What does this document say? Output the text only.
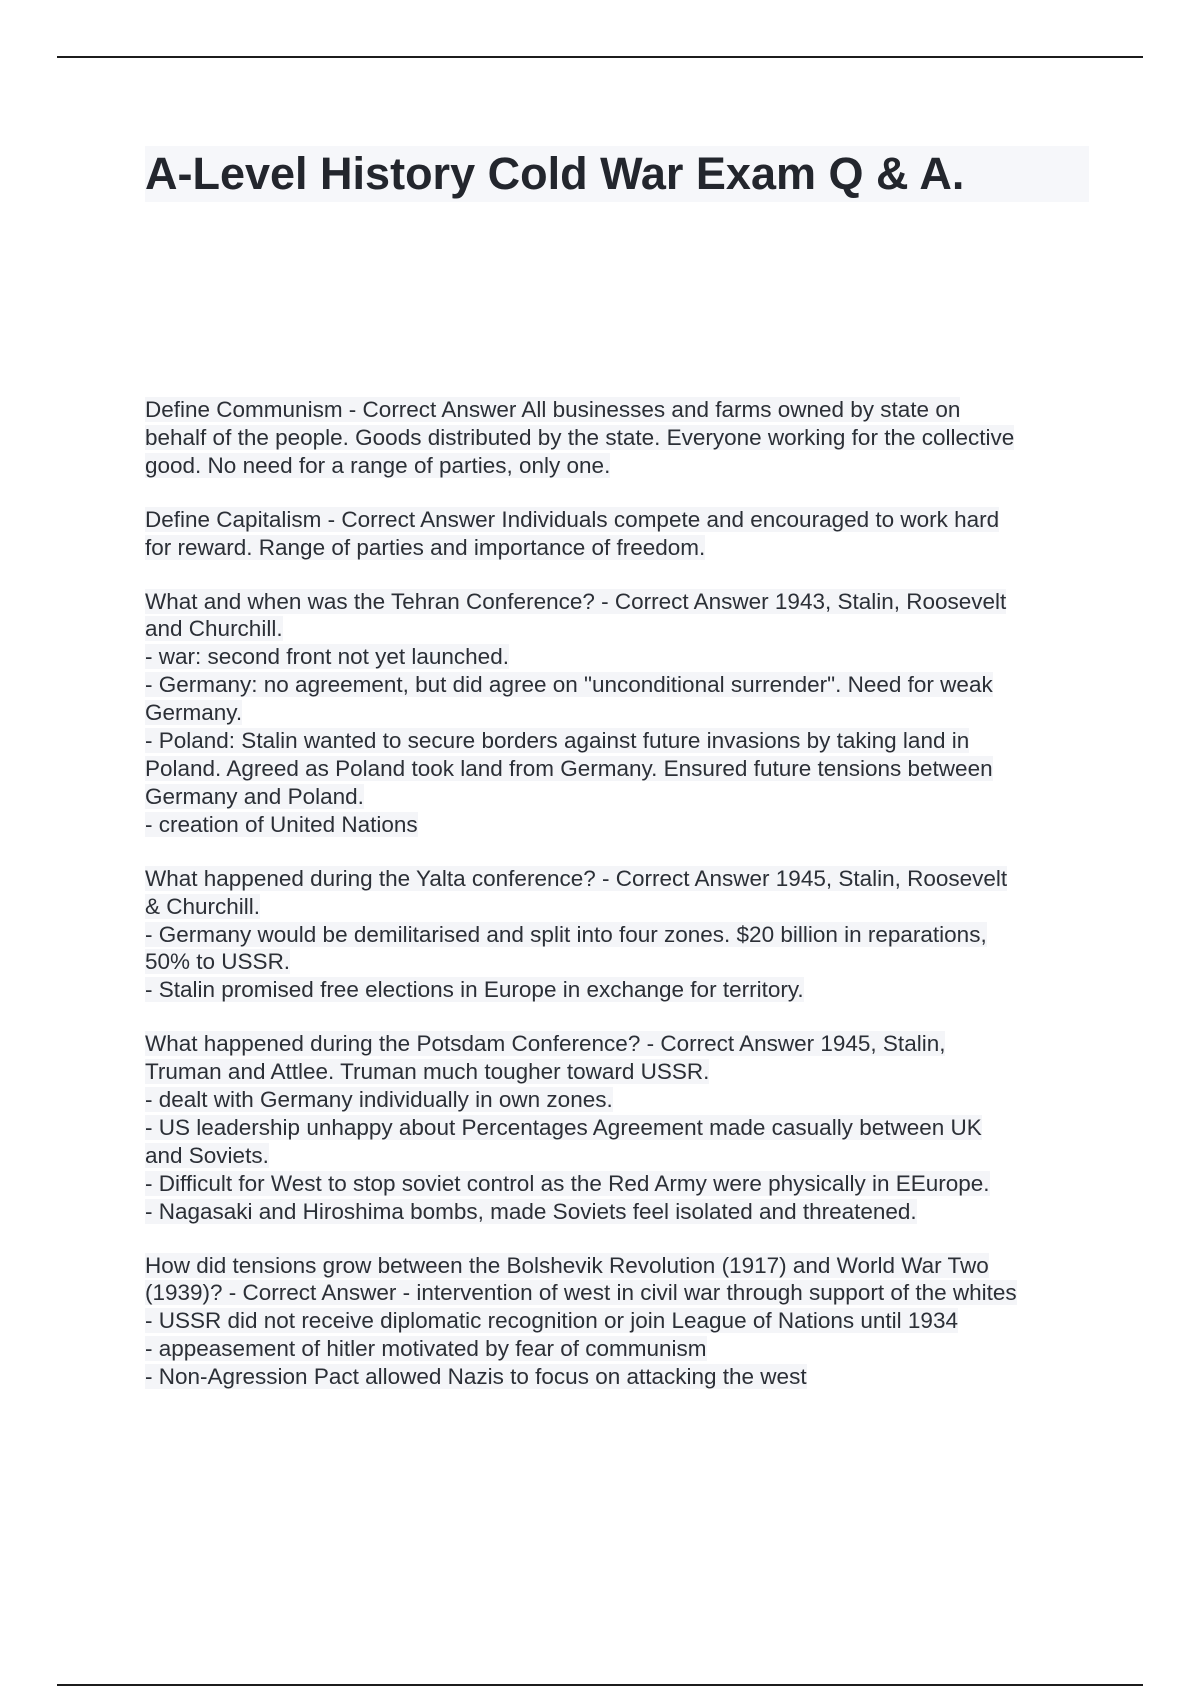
A-Level History Cold War Exam Q & A.
Define Communism - Correct Answer All businesses and farms owned by state on
behalf of the people. Goods distributed by the state. Everyone working for the collective
good. No need for a range of parties, only one.
Define Capitalism - Correct Answer Individuals compete and encouraged to work hard
for reward. Range of parties and importance of freedom.
What and when was the Tehran Conference? - Correct Answer 1943, Stalin, Roosevelt
and Churchill.
- war: second front not yet launched.
- Germany: no agreement, but did agree on "unconditional surrender". Need for weak
Germany.
- Poland: Stalin wanted to secure borders against future invasions by taking land in
Poland. Agreed as Poland took land from Germany. Ensured future tensions between
Germany and Poland.
- creation of United Nations
What happened during the Yalta conference? - Correct Answer 1945, Stalin, Roosevelt
& Churchill.
- Germany would be demilitarised and split into four zones. $20 billion in reparations,
50% to USSR.
- Stalin promised free elections in Europe in exchange for territory.
What happened during the Potsdam Conference? - Correct Answer 1945, Stalin,
Truman and Attlee. Truman much tougher toward USSR.
- dealt with Germany individually in own zones.
- US leadership unhappy about Percentages Agreement made casually between UK
and Soviets.
- Difficult for West to stop soviet control as the Red Army were physically in EEurope.
- Nagasaki and Hiroshima bombs, made Soviets feel isolated and threatened.
How did tensions grow between the Bolshevik Revolution (1917) and World War Two
(1939)? - Correct Answer - intervention of west in civil war through support of the whites
- USSR did not receive diplomatic recognition or join League of Nations until 1934
- appeasement of hitler motivated by fear of communism
- Non-Agression Pact allowed Nazis to focus on attacking the west
